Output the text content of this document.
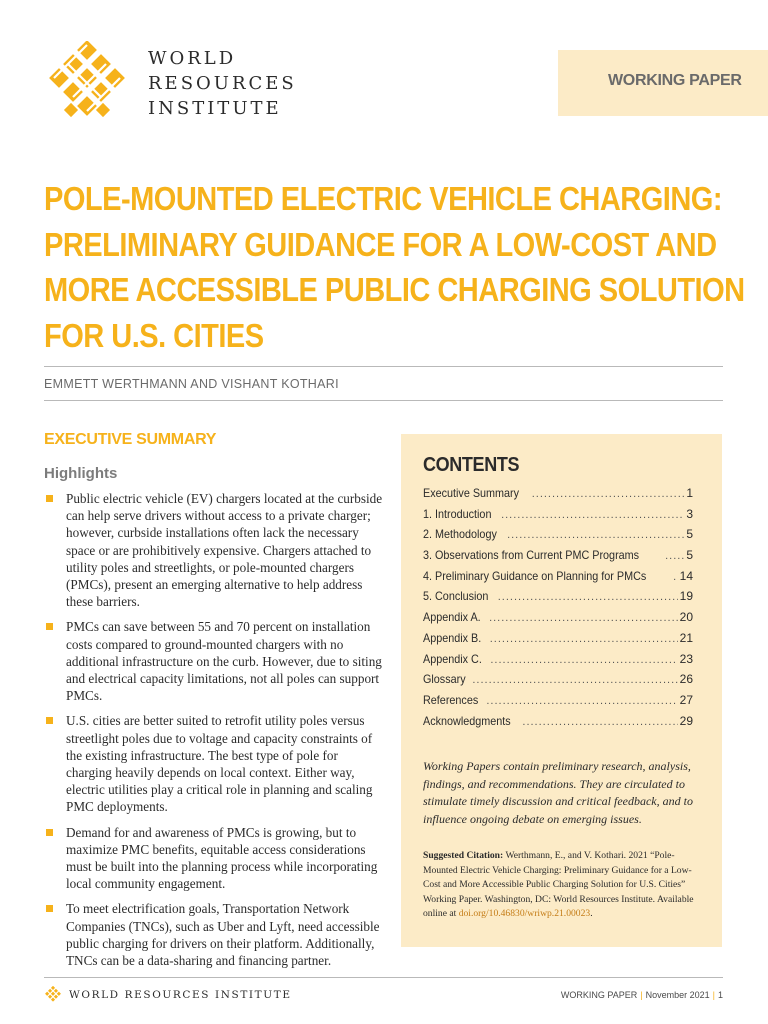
WORLD
RESOURCES
INSTITUTE
WORKING PAPER
POLE-MOUNTED ELECTRIC VEHICLE CHARGING:
PRELIMINARY GUIDANCE FOR A LOW-COST AND
MORE ACCESSIBLE PUBLIC CHARGING SOLUTION
FOR U.S. CITIES
EMMETT WERTHMANN AND VISHANT KOTHARI
EXECUTIVE SUMMARY
Highlights
Public electric vehicle (EV) chargers located at the curbside can help serve drivers without access to a private charger; however, curbside installations often lack the necessary space or are prohibitively expensive. Chargers attached to utility poles and streetlights, or pole-mounted chargers (PMCs), present an emerging alternative to help address these barriers.
PMCs can save between 55 and 70 percent on installation costs compared to ground-mounted chargers with no additional infrastructure on the curb. However, due to siting and electrical capacity limitations, not all poles can support PMCs.
U.S. cities are better suited to retrofit utility poles versus streetlight poles due to voltage and capacity constraints of the existing infrastructure. The best type of pole for charging heavily depends on local context. Either way, electric utilities play a critical role in planning and scaling PMC deployments.
Demand for and awareness of PMCs is growing, but to maximize PMC benefits, equitable access considerations must be built into the planning process while incorporating local community engagement.
To meet electrification goals, Transportation Network Companies (TNCs), such as Uber and Lyft, need accessible public charging for drivers on their platform. Additionally, TNCs can be a data-sharing and financing partner.
CONTENTS
Executive Summary .....	1
1. Introduction .....	3
2. Methodology .....	5
3. Observations from Current PMC Programs .....	5
4. Preliminary Guidance on Planning for PMCs .....	14
5. Conclusion .....	19
Appendix A. .....	20
Appendix B. .....	21
Appendix C. .....	23
Glossary .....	26
References .....	27
Acknowledgments .....	29

Working Papers contain preliminary research, analysis, findings, and recommendations. They are circulated to stimulate timely discussion and critical feedback, and to influence ongoing debate on emerging issues.

Suggested Citation: Werthmann, E., and V. Kothari. 2021 “Pole-Mounted Electric Vehicle Charging: Preliminary Guidance for a Low-Cost and More Accessible Public Charging Solution for U.S. Cities” Working Paper. Washington, DC: World Resources Institute. Available online at doi.org/10.46830/wriwp.21.00023.

WORLD RESOURCES INSTITUTE	WORKING PAPER | November 2021 | 1
